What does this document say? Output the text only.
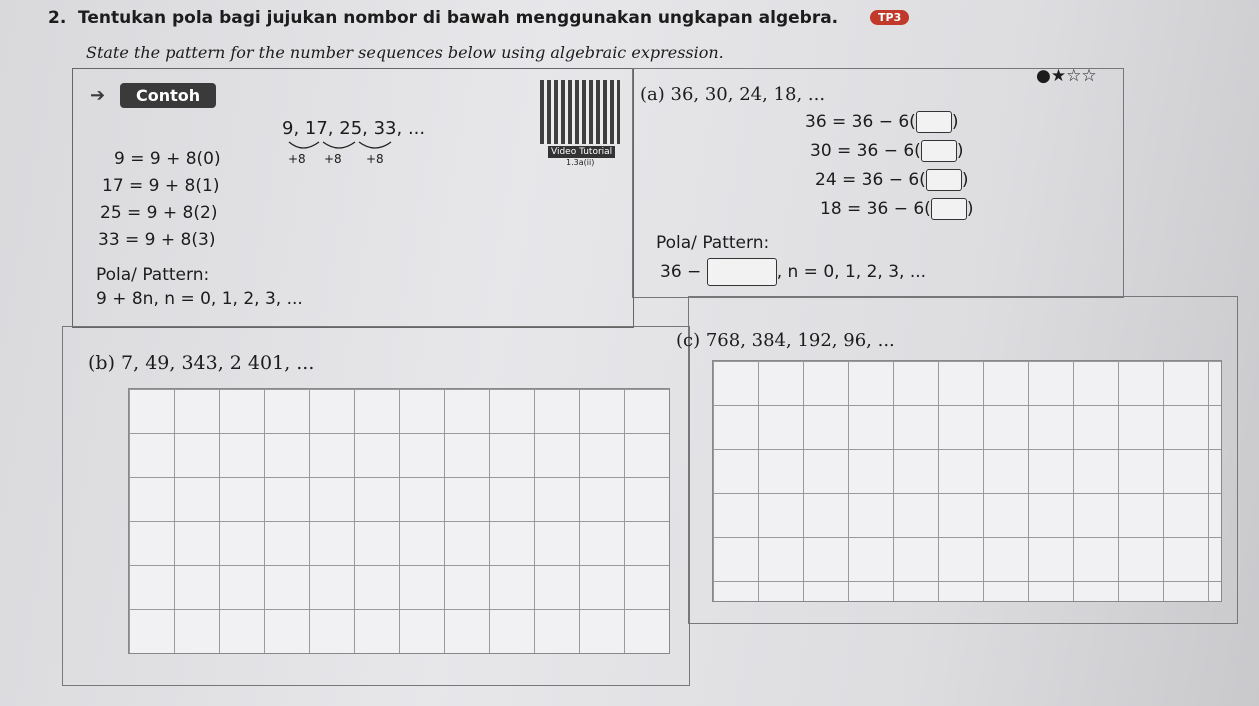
2. Tentukan pola bagi jujukan nombor di bawah menggunakan ungkapan algebra.	TP3
State the pattern for the number sequences below using algebraic expression.
➔	Contoh
9, 17, 25, 33, ...
+8 +8 +8
9 = 9 + 8(0)
17 = 9 + 8(1)
25 = 9 + 8(2)
33 = 9 + 8(3)
Pola/ Pattern:
9 + 8n, n = 0, 1, 2, 3, ...
Video Tutorial
1.3a(ii)
(a) 36, 30, 24, 18, ...
●★☆☆
36 = 36 − 6( )
30 = 36 − 6( )
24 = 36 − 6( )
18 = 36 − 6( )
Pola/ Pattern:
36 −	, n = 0, 1, 2, 3, ...
(b) 7, 49, 343, 2 401, ...
(c) 768, 384, 192, 96, ...
